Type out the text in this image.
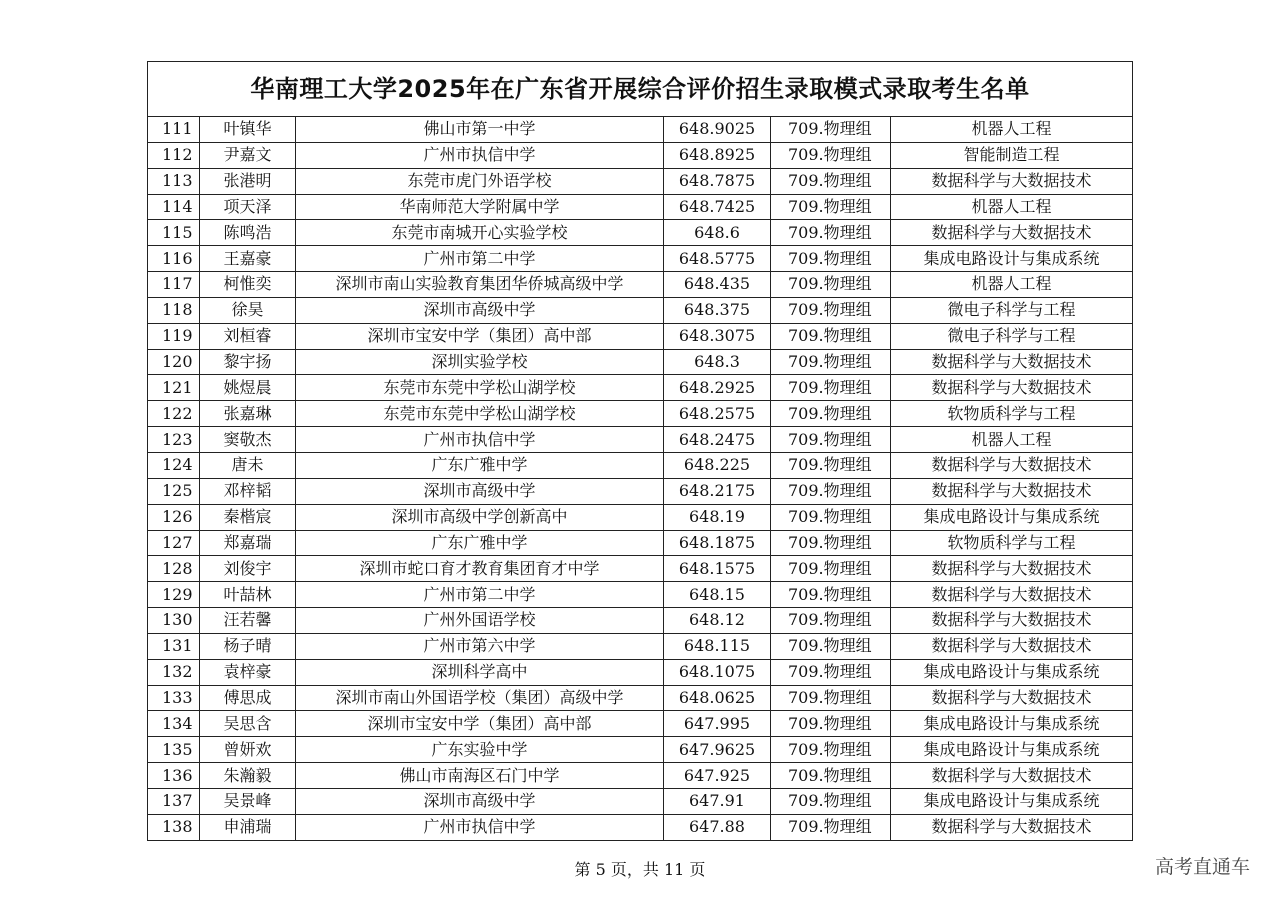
华南理工大学2025年在广东省开展综合评价招生录取模式录取考生名单					
111	叶镇华	佛山市第一中学	648.9025	709.物理组	机器人工程
112	尹嘉文	广州市执信中学	648.8925	709.物理组	智能制造工程
113	张港明	东莞市虎门外语学校	648.7875	709.物理组	数据科学与大数据技术
114	项天泽	华南师范大学附属中学	648.7425	709.物理组	机器人工程
115	陈鸣浩	东莞市南城开心实验学校	648.6	709.物理组	数据科学与大数据技术
116	王嘉豪	广州市第二中学	648.5775	709.物理组	集成电路设计与集成系统
117	柯惟奕	深圳市南山实验教育集团华侨城高级中学	648.435	709.物理组	机器人工程
118	徐昊	深圳市高级中学	648.375	709.物理组	微电子科学与工程
119	刘桓睿	深圳市宝安中学（集团）高中部	648.3075	709.物理组	微电子科学与工程
120	黎宇扬	深圳实验学校	648.3	709.物理组	数据科学与大数据技术
121	姚煜晨	东莞市东莞中学松山湖学校	648.2925	709.物理组	数据科学与大数据技术
122	张嘉琳	东莞市东莞中学松山湖学校	648.2575	709.物理组	软物质科学与工程
123	窦敬杰	广州市执信中学	648.2475	709.物理组	机器人工程
124	唐未	广东广雅中学	648.225	709.物理组	数据科学与大数据技术
125	邓梓韬	深圳市高级中学	648.2175	709.物理组	数据科学与大数据技术
126	秦楷宸	深圳市高级中学创新高中	648.19	709.物理组	集成电路设计与集成系统
127	郑嘉瑞	广东广雅中学	648.1875	709.物理组	软物质科学与工程
128	刘俊宇	深圳市蛇口育才教育集团育才中学	648.1575	709.物理组	数据科学与大数据技术
129	叶喆林	广州市第二中学	648.15	709.物理组	数据科学与大数据技术
130	汪若馨	广州外国语学校	648.12	709.物理组	数据科学与大数据技术
131	杨子晴	广州市第六中学	648.115	709.物理组	数据科学与大数据技术
132	袁梓豪	深圳科学高中	648.1075	709.物理组	集成电路设计与集成系统
133	傅思成	深圳市南山外国语学校（集团）高级中学	648.0625	709.物理组	数据科学与大数据技术
134	吴思含	深圳市宝安中学（集团）高中部	647.995	709.物理组	集成电路设计与集成系统
135	曾妍欢	广东实验中学	647.9625	709.物理组	集成电路设计与集成系统
136	朱瀚毅	佛山市南海区石门中学	647.925	709.物理组	数据科学与大数据技术
137	吴景峰	深圳市高级中学	647.91	709.物理组	集成电路设计与集成系统
138	申浦瑞	广州市执信中学	647.88	709.物理组	数据科学与大数据技术
第 5 页，共 11 页	高考直通车
